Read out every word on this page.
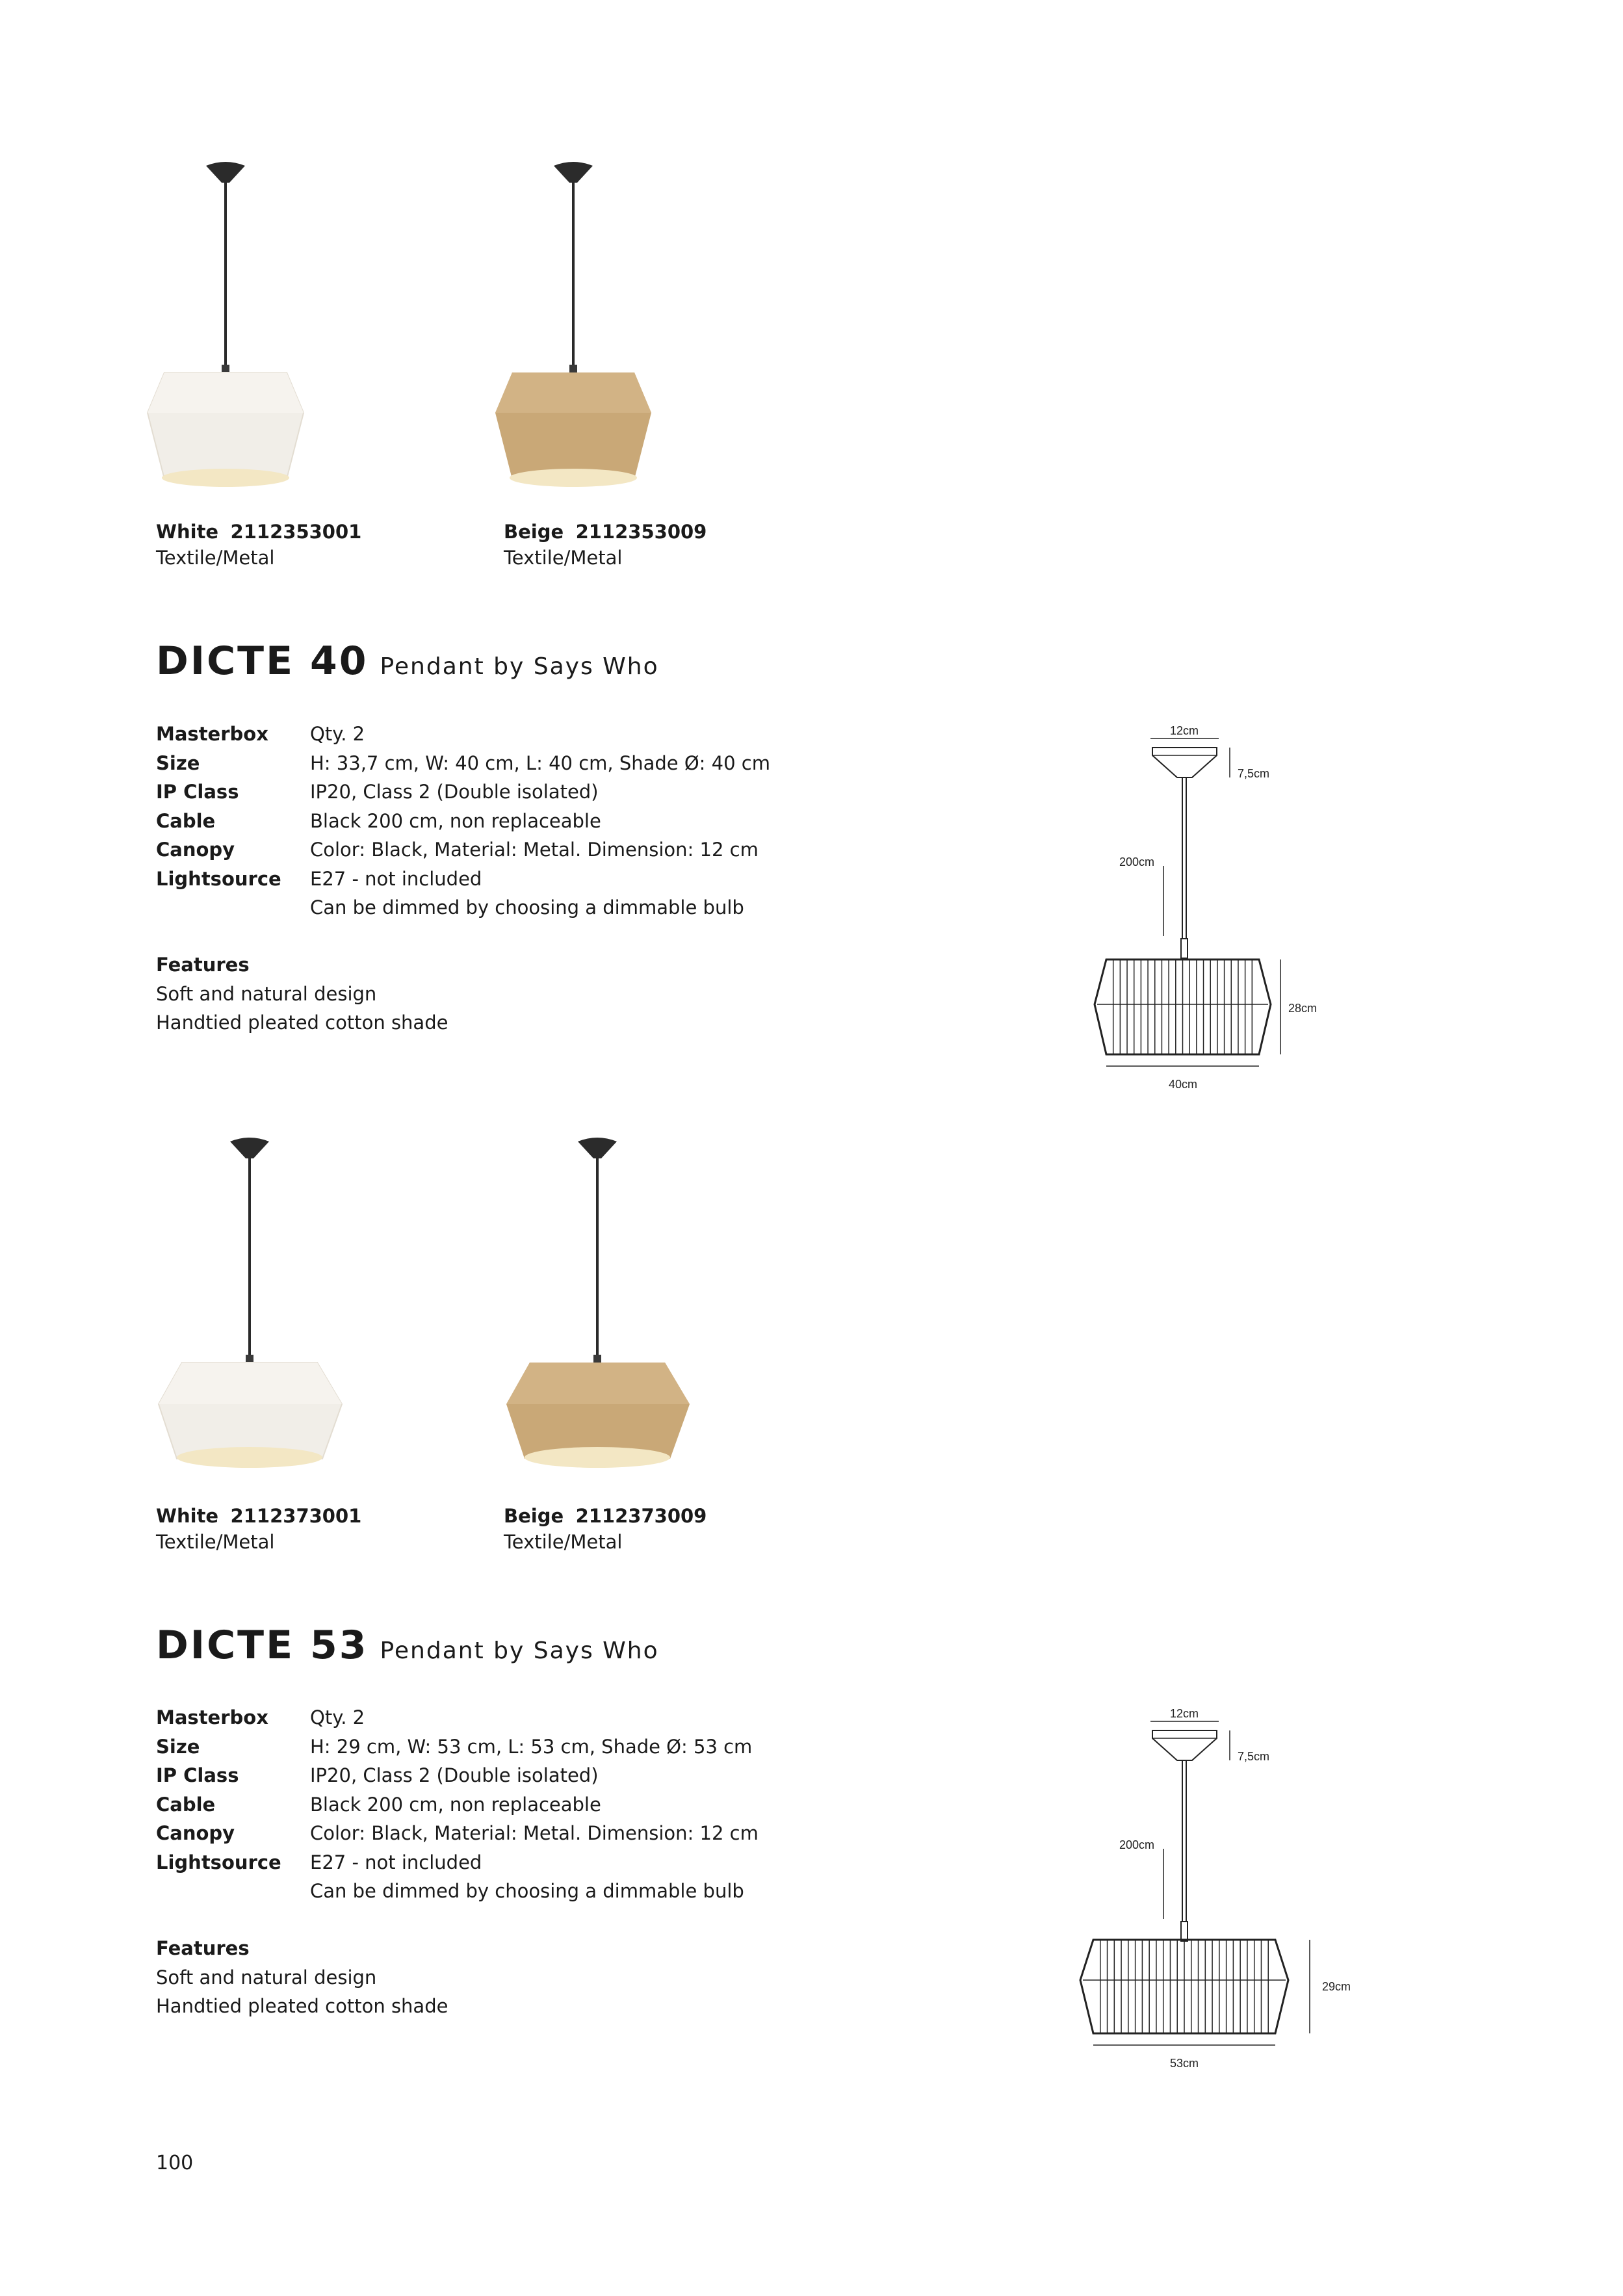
White 2112353001
Textile/Metal
Beige 2112353009
Textile/Metal
DICTE 40 Pendant by Says Who
Masterbox	Qty. 2
Size	H: 33,7 cm, W: 40 cm, L: 40 cm, Shade Ø: 40 cm
IP Class	IP20, Class 2 (Double isolated)
Cable	Black 200 cm, non replaceable
Canopy	Color: Black, Material: Metal. Dimension: 12 cm
Lightsource	E27 - not included
Can be dimmed by choosing a dimmable bulb
Features
Soft and natural design
Handtied pleated cotton shade
12cm
7,5cm
200cm
28cm
40cm
White 2112373001
Textile/Metal
Beige 2112373009
Textile/Metal
DICTE 53 Pendant by Says Who
Masterbox	Qty. 2
Size	H: 29 cm, W: 53 cm, L: 53 cm, Shade Ø: 53 cm
IP Class	IP20, Class 2 (Double isolated)
Cable	Black 200 cm, non replaceable
Canopy	Color: Black, Material: Metal. Dimension: 12 cm
Lightsource	E27 - not included
Can be dimmed by choosing a dimmable bulb
Features
Soft and natural design
Handtied pleated cotton shade
12cm
7,5cm
200cm
29cm
53cm
100
